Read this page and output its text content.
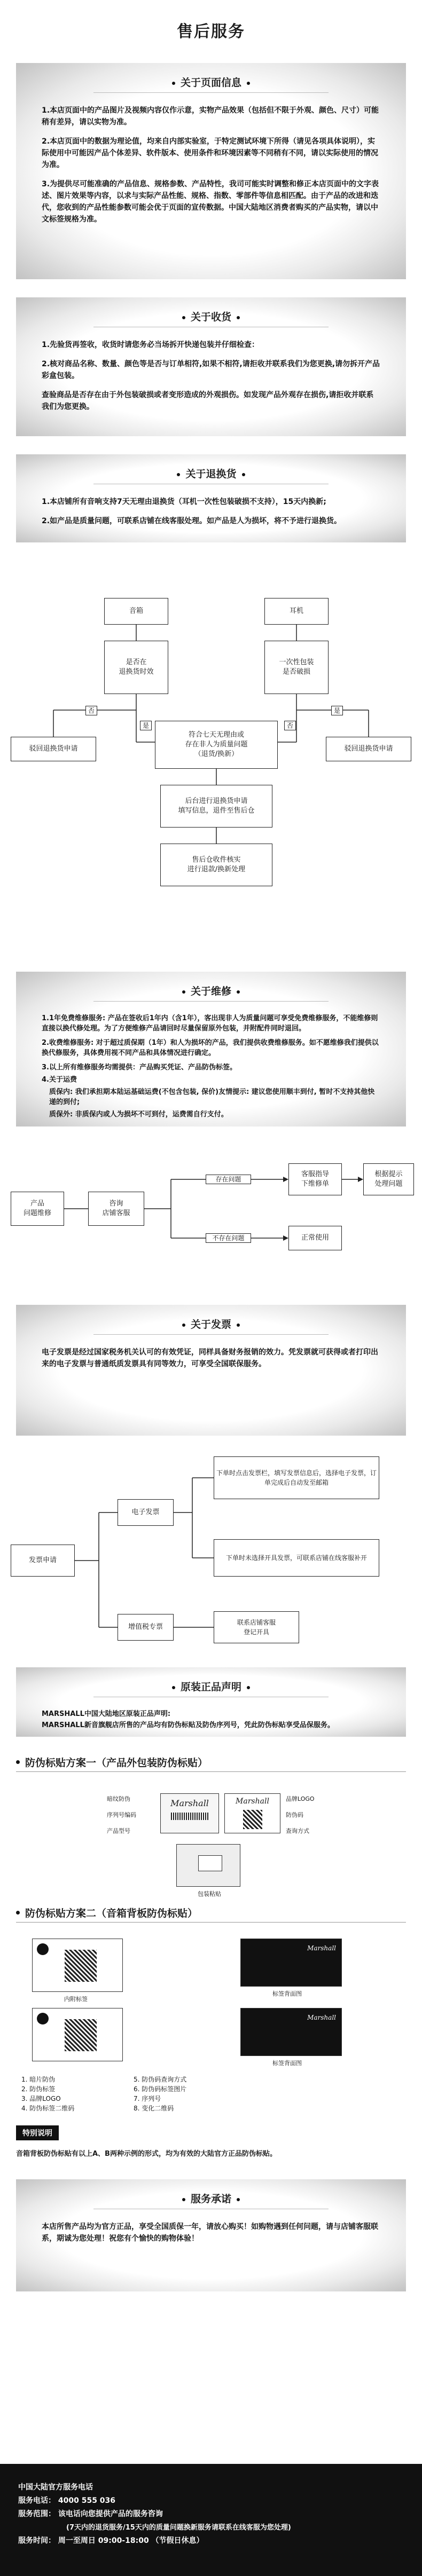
售后服务
关于页面信息

1.本店页面中的产品图片及视频内容仅作示意，实物产品效果（包括但不限于外观、颜色、尺寸）可能稍有差异，请以实物为准。

2.本店页面中的数据为理论值，均来自内部实验室，于特定测试环境下所得（请见各项具体说明），实际使用中可能因产品个体差异、软件版本、使用条件和环境因素等不同稍有不同，请以实际使用的情况为准。

3.为提供尽可能准确的产品信息、规格参数、产品特性，我司可能实时调整和修正本店页面中的文字表述、图片效果等内容，以求与实际产品性能、规格、指数、零部件等信息相匹配。由于产品的改进和迭代，您收到的产品性能参数可能会优于页面的宣传数据。中国大陆地区消费者购买的产品实物，请以中文标签规格为准。

关于收货

1.先验货再签收，收货时请您务必当场拆开快递包装并仔细检查：

2.核对商品名称、数量、颜色等是否与订单相符,如果不相符,请拒收并联系我们为您更换,请勿拆开产品彩盒包装。

查验商品是否存在由于外包装破损或者变形造成的外观损伤。如发现产品外观存在损伤,请拒收并联系我们为您更换。

关于退换货

1.本店铺所有音响支持7天无理由退换货（耳机一次性包装破损不支持），15天内换新;

2.如产品是质量问题，可联系店铺在线客服处理。如产品是人为损坏，将不予进行退换货。

音箱	耳机
是否在
退换货时效
一次性包装
是否破损
否	是
是	否
驳回退换货申请	驳回退换货申请
符合七天无理由或
存在非人为质量问题
（退货/换新）
后台进行退换货申请
填写信息，退件至售后仓
售后仓收件核实
进行退款/换新处理
关于维修

1.1年免费维修服务: 产品在签收后1年内（含1年），客出现非人为质量问题可享受免费维修服务，不能维修则直接以换代修处理。为了方便维修产品请回时尽量保留原外包装，并附配件同时退回。

2.收费维修服务: 对于超过质保期（1年）和人为损坏的产品，我们提供收费维修服务。如不愿维修我们提供以换代修服务，具体费用视不同产品和具体情况进行确定。

3.以上所有维修服务均需提供：产品购买凭证、产品防伪标签。

4.关于运费

质保内: 我们承担期本陆运基础运费(不包含包装, 保价)友情提示: 建议您使用顺丰到付, 暂时不支持其他快递的到付;

质保外: 非质保内或人为损坏不可到付，运费需自行支付。

产品
问题维修
咨询
店铺客服
存在问题
不存在问题
客服指导
下维修单
根据提示
处理问题
正常使用
关于发票

电子发票是经过国家税务机关认可的有效凭证，同样具备财务报销的效力。凭发票就可获得或者打印出来的电子发票与普通纸质发票具有同等效力，可享受全国联保服务。

发票申请
电子发票
增值税专票
下单时点击发票栏，填写发票信息后，选择电子发票，订单完成后自动发至邮箱
下单时未选择开具发票，可联系店铺在线客服补开
联系店铺客服
登记开具
原装正品声明

MARSHALL中国大陆地区原装正品声明:

MARSHALL新音旗舰店所售的产品均有防伪标贴及防伪序列号，凭此防伪标贴享受品保服务。

防伪标贴方案一（产品外包装防伪标贴）
Marshall	Marshall
暗纹防伪
序列号编码
产品型号
品牌LOGO
防伪码
查询方式
包装粘贴
防伪标贴方案二（音箱背板防伪标贴）
内附标签
Marshall
标签背面图
Marshall
标签背面图
1. 暗片防伪
2. 防伪标签
3. 品牌LOGO
4. 防伪标签二维码
5. 防伪码查询方式
6. 防伪码标签图片
7. 序列号
8. 变化二维码
特别说明
音箱背板防伪标贴有以上A、B两种示例的形式，均为有效的大陆官方正品防伪标贴。
服务承诺

本店所售产品均为官方正品，享受全国质保一年，请放心购买！如购物遇到任何问题，请与店铺客服联系，期诚为您处理！祝您有个愉快的购物体验！

中国大陆官方服务电话
服务电话： 4000 555 036
服务范围： 该电话向您提供产品的服务咨询
(7天内的退货服务/15天内的质量问题换新服务请联系在线客服为您处理)
服务时间： 周一至周日 09:00-18:00 （节假日休息）
